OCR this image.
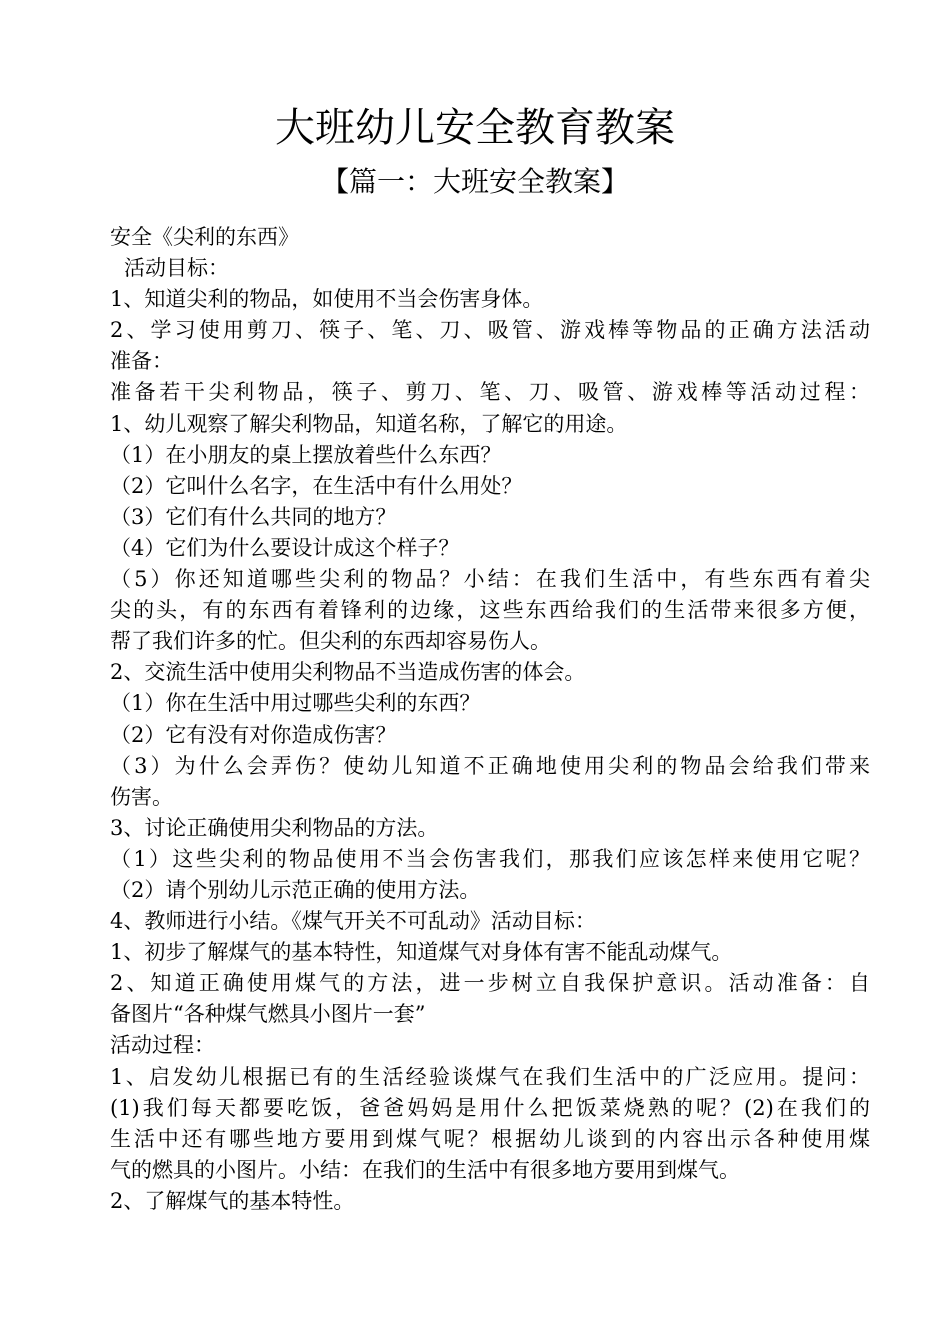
大班幼儿安全教育教案
【篇一：大班安全教案】
安全《尖利的东西》
活动目标：
1、知道尖利的物品，如使用不当会伤害身体。
2、学习使用剪刀、筷子、笔、刀、吸管、游戏棒等物品的正确方法活动
准备：
准备若干尖利物品，筷子、剪刀、笔、刀、吸管、游戏棒等活动过程：
1、幼儿观察了解尖利物品，知道名称，了解它的用途。
（1）在小朋友的桌上摆放着些什么东西？
（2）它叫什么名字，在生活中有什么用处？
（3）它们有什么共同的地方？
（4）它们为什么要设计成这个样子？
（5）你还知道哪些尖利的物品？小结：在我们生活中，有些东西有着尖
尖的头，有的东西有着锋利的边缘，这些东西给我们的生活带来很多方便，
帮了我们许多的忙。但尖利的东西却容易伤人。
2、交流生活中使用尖利物品不当造成伤害的体会。
（1）你在生活中用过哪些尖利的东西？
（2）它有没有对你造成伤害？
（3）为什么会弄伤？使幼儿知道不正确地使用尖利的物品会给我们带来
伤害。
3、讨论正确使用尖利物品的方法。
（1）这些尖利的物品使用不当会伤害我们，那我们应该怎样来使用它呢？
（2）请个别幼儿示范正确的使用方法。
4、教师进行小结。《煤气开关不可乱动》活动目标：
1、初步了解煤气的基本特性，知道煤气对身体有害不能乱动煤气。
2、知道正确使用煤气的方法，进一步树立自我保护意识。活动准备：自
备图片“各种煤气燃具小图片一套”
活动过程：
1、启发幼儿根据已有的生活经验谈煤气在我们生活中的广泛应用。提问：
(1)我们每天都要吃饭，爸爸妈妈是用什么把饭菜烧熟的呢？(2)在我们的
生活中还有哪些地方要用到煤气呢？根据幼儿谈到的内容出示各种使用煤
气的燃具的小图片。小结：在我们的生活中有很多地方要用到煤气。
2、了解煤气的基本特性。
